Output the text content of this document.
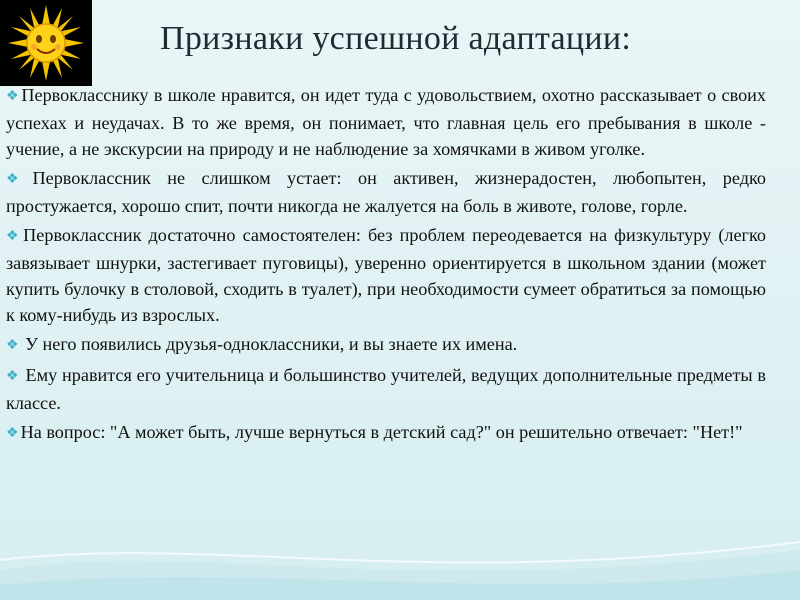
Признаки успешной адаптации:

❖ Первокласснику в школе нравится, он идет туда с удовольствием, охотно рассказывает о своих успехах и неудачах. В то же время, он понимает, что главная цель его пребывания в школе - учение, а не экскурсии на природу и не наблюдение за хомячками в живом уголке.

❖ Первоклассник не слишком устает: он активен, жизнерадостен, любопытен, редко простужается, хорошо спит, почти никогда не жалуется на боль в животе, голове, горле.

❖ Первоклассник достаточно самостоятелен: без проблем переодевается на физкультуру (легко завязывает шнурки, застегивает пуговицы), уверенно ориентируется в школьном здании (может купить булочку в столовой, сходить в туалет), при необходимости сумеет обратиться за помощью к кому-нибудь из взрослых.

❖ У него появились друзья-одноклассники, и вы знаете их имена.

❖ Ему нравится его учительница и большинство учителей, ведущих дополнительные предметы в классе.

❖ На вопрос: "А может быть, лучше вернуться в детский сад?" он решительно отвечает: "Нет!"
